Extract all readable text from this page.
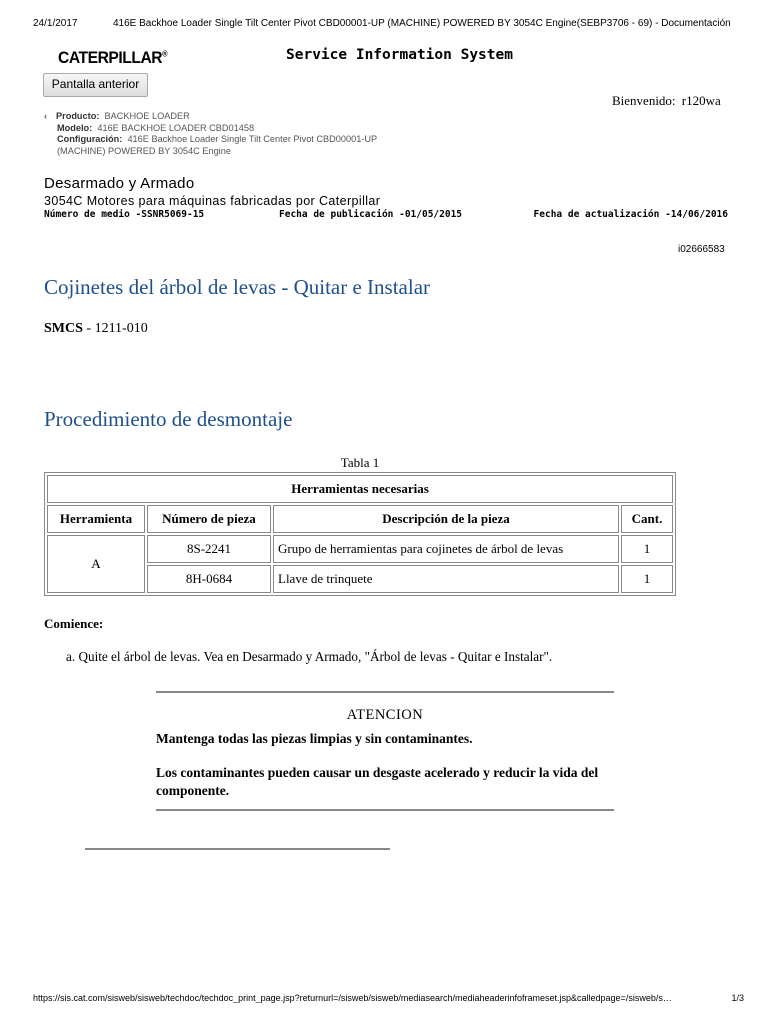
24/1/2017	416E Backhoe Loader Single Tilt Center Pivot CBD00001-UP (MACHINE) POWERED BY 3054C Engine(SEBP3706 - 69) - Documentación
CATERPILLAR®	Service Information System
Pantalla anterior
Bienvenido: r120wa
‹ Producto: BACKHOE LOADER
Modelo: 416E BACKHOE LOADER CBD01458
Configuración: 416E Backhoe Loader Single Tilt Center Pivot CBD00001-UP
(MACHINE) POWERED BY 3054C Engine
Desarmado y Armado
3054C Motores para máquinas fabricadas por Caterpillar
Número de medio -SSNR5069-15	Fecha de publicación -01/05/2015	Fecha de actualización -14/06/2016
i02666583
Cojinetes del árbol de levas - Quitar e Instalar
SMCS - 1211-010
Procedimiento de desmontaje
Tabla 1
Herramientas necesarias			
Herramienta	Número de pieza	Descripción de la pieza	Cant.
A	8S-2241	Grupo de herramientas para cojinetes de árbol de levas	1
	8H-0684	Llave de trinquete	1
Comience:
a. Quite el árbol de levas. Vea en Desarmado y Armado, "Árbol de levas - Quitar e Instalar".
ATENCION
Mantenga todas las piezas limpias y sin contaminantes.
Los contaminantes pueden causar un desgaste acelerado y reducir la vida del componente.
https://sis.cat.com/sisweb/sisweb/techdoc/techdoc_print_page.jsp?returnurl=/sisweb/sisweb/mediasearch/mediaheaderinfoframeset.jsp&calledpage=/sisweb/s…	1/3
